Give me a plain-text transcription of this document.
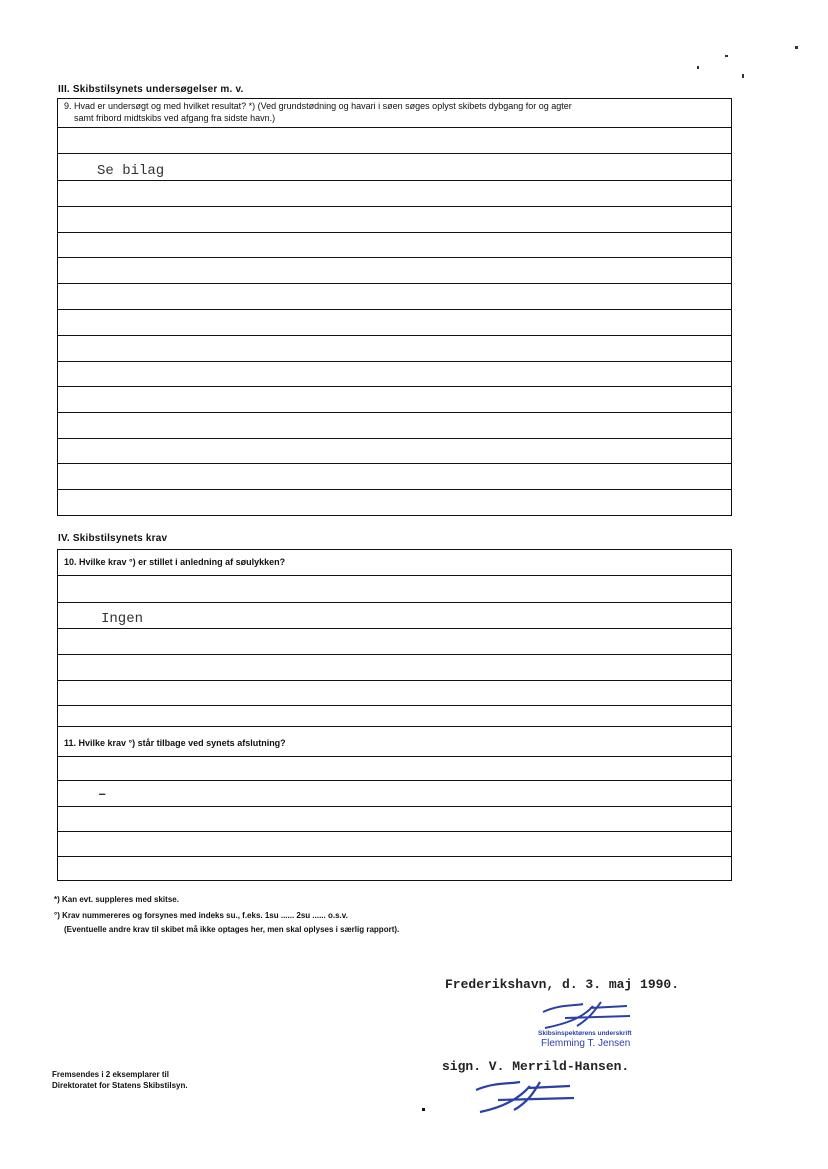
III. Skibstilsynets undersøgelser m. v.
9. Hvad er undersøgt og med hvilket resultat? *) (Ved grundstødning og havari i søen søges oplyst skibets dybgang for og agter
samt fribord midtskibs ved afgang fra sidste havn.)
Se bilag
IV. Skibstilsynets krav
10. Hvilke krav °) er stillet i anledning af søulykken?
Ingen
11. Hvilke krav °) står tilbage ved synets afslutning?
–
*) Kan evt. suppleres med skitse.
°) Krav nummereres og forsynes med indeks su., f.eks. 1su ...... 2su ...... o.s.v.
(Eventuelle andre krav til skibet må ikke optages her, men skal oplyses i særlig rapport).
Frederikshavn, d. 3. maj 1990.
Skibsinspektørens underskrift
Flemming T. Jensen
sign. V. Merrild-Hansen.
Fremsendes i 2 eksemplarer til
Direktoratet for Statens Skibstilsyn.
